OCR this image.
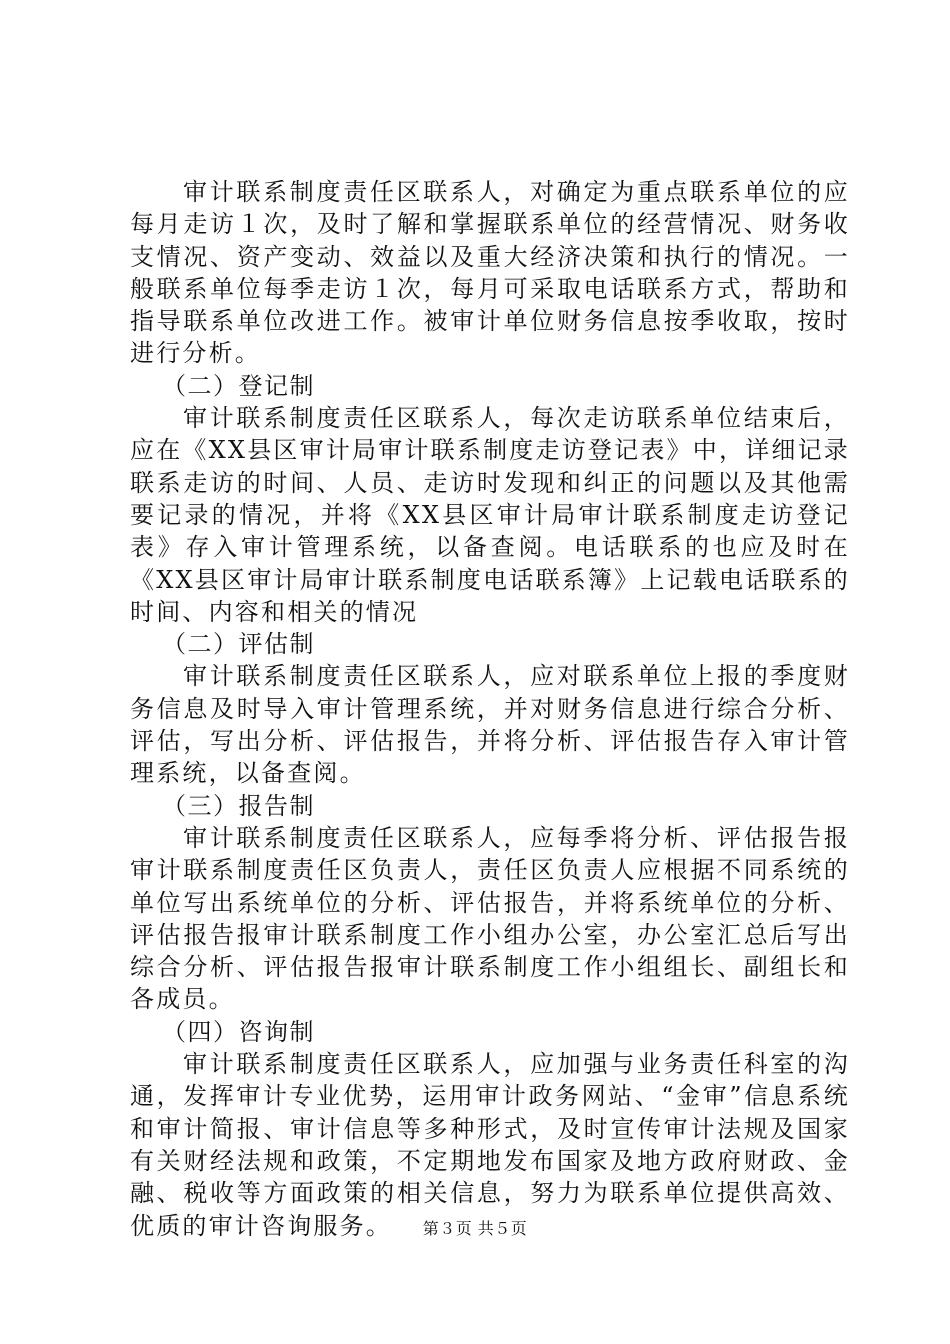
审计联系制度责任区联系人，对确定为重点联系单位的应每月走访１次，及时了解和掌握联系单位的经营情况、财务收支情况、资产变动、效益以及重大经济决策和执行的情况。一般联系单位每季走访１次，每月可采取电话联系方式，帮助和指导联系单位改进工作。被审计单位财务信息按季收取，按时进行分析。

（二）登记制

审计联系制度责任区联系人，每次走访联系单位结束后，应在《XX县区审计局审计联系制度走访登记表》中，详细记录联系走访的时间、人员、走访时发现和纠正的问题以及其他需要记录的情况，并将《XX县区审计局审计联系制度走访登记表》存入审计管理系统，以备查阅。电话联系的也应及时在《XX县区审计局审计联系制度电话联系簿》上记载电话联系的时间、内容和相关的情况

（二）评估制

审计联系制度责任区联系人，应对联系单位上报的季度财务信息及时导入审计管理系统，并对财务信息进行综合分析、评估，写出分析、评估报告，并将分析、评估报告存入审计管理系统，以备查阅。

（三）报告制

审计联系制度责任区联系人，应每季将分析、评估报告报审计联系制度责任区负责人，责任区负责人应根据不同系统的单位写出系统单位的分析、评估报告，并将系统单位的分析、评估报告报审计联系制度工作小组办公室，办公室汇总后写出综合分析、评估报告报审计联系制度工作小组组长、副组长和各成员。

（四）咨询制

审计联系制度责任区联系人，应加强与业务责任科室的沟通，发挥审计专业优势，运用审计政务网站、“金审”信息系统和审计简报、审计信息等多种形式，及时宣传审计法规及国家有关财经法规和政策，不定期地发布国家及地方政府财政、金融、税收等方面政策的相关信息，努力为联系单位提供高效、优质的审计咨询服务。	第３页 共５页
